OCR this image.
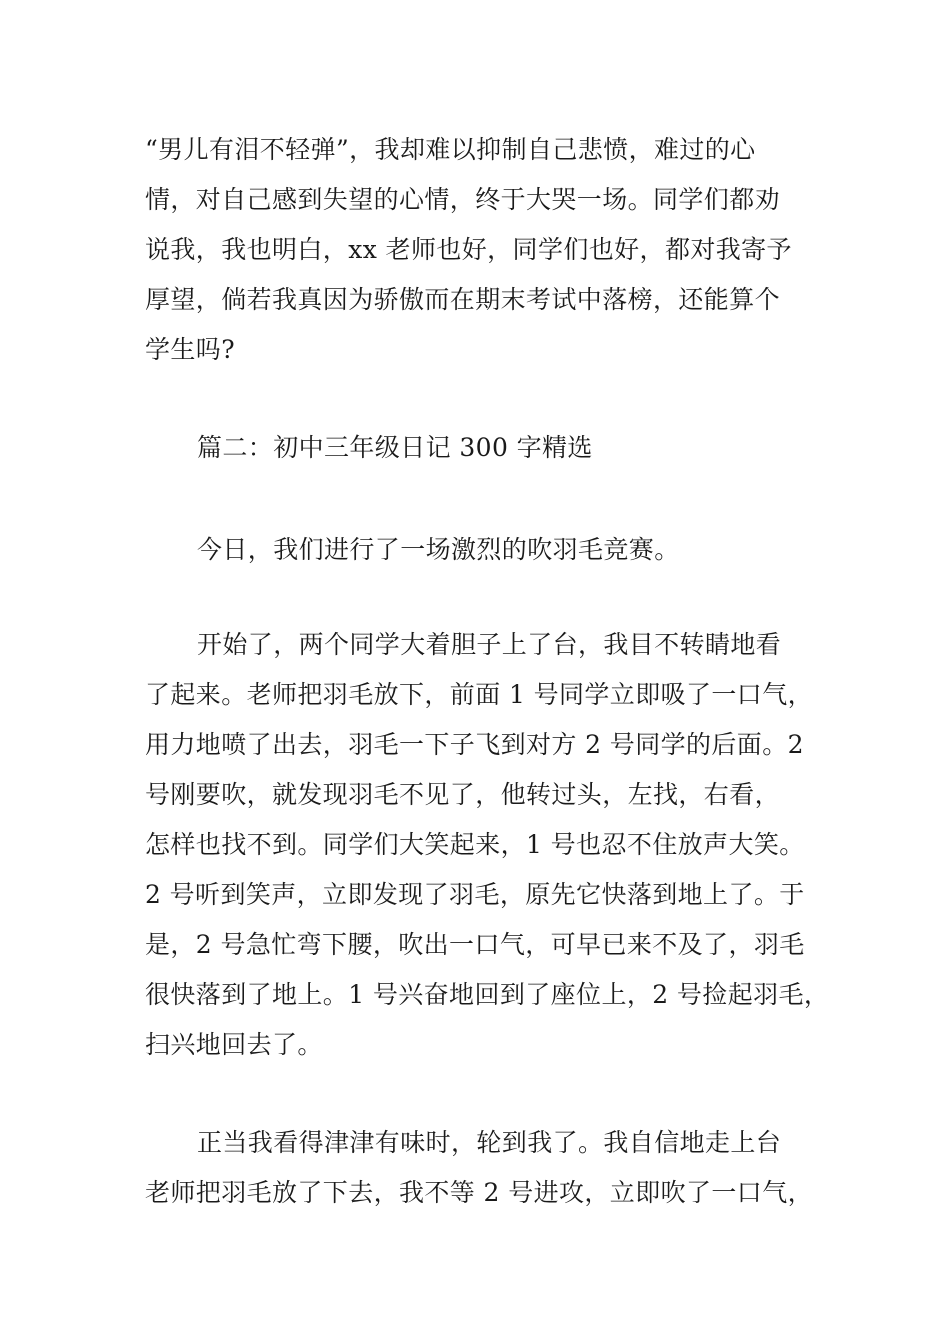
“男儿有泪不轻弹”，我却难以抑制自己悲愤，难过的心
情，对自己感到失望的心情，终于大哭一场。同学们都劝
说我，我也明白，xx 老师也好，同学们也好，都对我寄予
厚望，倘若我真因为骄傲而在期末考试中落榜，还能算个
学生吗?
篇二：初中三年级日记 300 字精选
今日，我们进行了一场激烈的吹羽毛竞赛。
开始了，两个同学大着胆子上了台，我目不转睛地看
了起来。老师把羽毛放下，前面 1 号同学立即吸了一口气，
用力地喷了出去，羽毛一下子飞到对方 2 号同学的后面。2
号刚要吹，就发现羽毛不见了，他转过头，左找，右看，
怎样也找不到。同学们大笑起来，1 号也忍不住放声大笑。
2 号听到笑声，立即发现了羽毛，原先它快落到地上了。于
是，2 号急忙弯下腰，吹出一口气，可早已来不及了，羽毛
很快落到了地上。1 号兴奋地回到了座位上，2 号捡起羽毛，
扫兴地回去了。
正当我看得津津有味时，轮到我了。我自信地走上台
老师把羽毛放了下去，我不等 2 号进攻，立即吹了一口气，
